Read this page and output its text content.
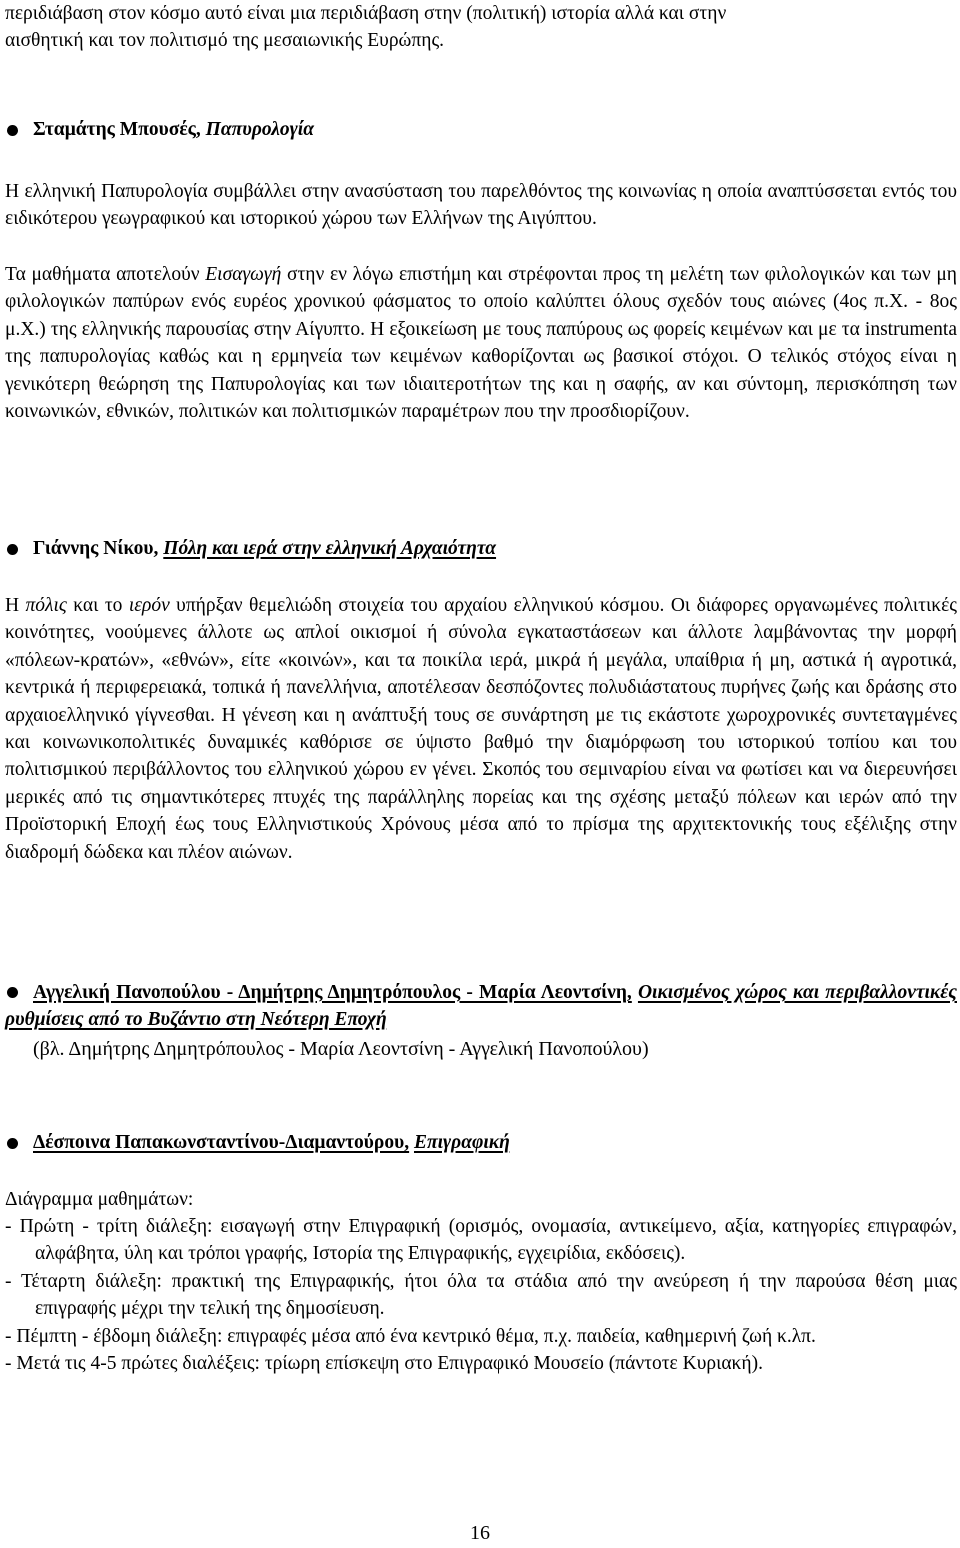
περιδιάβαση στον κόσμο αυτό είναι μια περιδιάβαση στην (πολιτική) ιστορία αλλά και στην
αισθητική και τον πολιτισμό της μεσαιωνικής Ευρώπης.

Σταμάτης Μπουσές, Παπυρολογία

Η ελληνική Παπυρολογία συμβάλλει στην ανασύσταση του παρελθόντος της κοινωνίας η οποία αναπτύσσεται εντός του ειδικότερου γεωγραφικού και ιστορικού χώρου των Ελλήνων της Αιγύπτου.

Τα μαθήματα αποτελούν Εισαγωγή στην εν λόγω επιστήμη και στρέφονται προς τη μελέτη των φιλολογικών και των μη φιλολογικών παπύρων ενός ευρέος χρονικού φάσματος το οποίο καλύπτει όλους σχεδόν τους αιώνες (4ος π.Χ. - 8ος μ.Χ.) της ελληνικής παρουσίας στην Αίγυπτο. Η εξοικείωση με τους παπύρους ως φορείς κειμένων και με τα instrumenta της παπυρολογίας καθώς και η ερμηνεία των κειμένων καθορίζονται ως βασικοί στόχοι. Ο τελικός στόχος είναι η γενικότερη θεώρηση της Παπυρολογίας και των ιδιαιτεροτήτων της και η σαφής, αν και σύντομη, περισκόπηση των κοινωνικών, εθνικών, πολιτικών και πολιτισμικών παραμέτρων που την προσδιορίζουν.

Γιάννης Νίκου, Πόλη και ιερά στην ελληνική Αρχαιότητα

Η πόλις και το ιερόν υπήρξαν θεμελιώδη στοιχεία του αρχαίου ελληνικού κόσμου. Οι διάφορες οργανωμένες πολιτικές κοινότητες, νοούμενες άλλοτε ως απλοί οικισμοί ή σύνολα εγκαταστάσεων και άλλοτε λαμβάνοντας την μορφή «πόλεων-κρατών», «εθνών», είτε «κοινών», και τα ποικίλα ιερά, μικρά ή μεγάλα, υπαίθρια ή μη, αστικά ή αγροτικά, κεντρικά ή περιφερειακά, τοπικά ή πανελλήνια, αποτέλεσαν δεσπόζοντες πολυδιάστατους πυρήνες ζωής και δράσης στο αρχαιοελληνικό γίγνεσθαι. Η γένεση και η ανάπτυξή τους σε συνάρτηση με τις εκάστοτε χωροχρονικές συντεταγμένες και κοινωνικοπολιτικές δυναμικές καθόρισε σε ύψιστο βαθμό την διαμόρφωση του ιστορικού τοπίου και του πολιτισμικού περιβάλλοντος του ελληνικού χώρου εν γένει. Σκοπός του σεμιναρίου είναι να φωτίσει και να διερευνήσει μερικές από τις σημαντικότερες πτυχές της παράλληλης πορείας και της σχέσης μεταξύ πόλεων και ιερών από την Προϊστορική Εποχή έως τους Ελληνιστικούς Χρόνους μέσα από το πρίσμα της αρχιτεκτονικής τους εξέλιξης στην διαδρομή δώδεκα και πλέον αιώνων.

Αγγελική Πανοπούλου - Δημήτρης Δημητρόπουλος - Μαρία Λεοντσίνη, Οικισμένος χώρος και περιβαλλοντικές ρυθμίσεις από το Βυζάντιο στη Νεότερη Εποχή

(βλ. Δημήτρης Δημητρόπουλος - Μαρία Λεοντσίνη - Αγγελική Πανοπούλου)

Δέσποινα Παπακωνσταντίνου-Διαμαντούρου, Επιγραφική

Διάγραμμα μαθημάτων:

- Πρώτη - τρίτη διάλεξη: εισαγωγή στην Επιγραφική (ορισμός, ονομασία, αντικείμενο, αξία, κατηγορίες επιγραφών, αλφάβητα, ύλη και τρόποι γραφής, Ιστορία της Επιγραφικής, εγχειρίδια, εκδόσεις).
- Τέταρτη διάλεξη: πρακτική της Επιγραφικής, ήτοι όλα τα στάδια από την ανεύρεση ή την παρούσα θέση μιας επιγραφής μέχρι την τελική της δημοσίευση.
- Πέμπτη - έβδομη διάλεξη: επιγραφές μέσα από ένα κεντρικό θέμα, π.χ. παιδεία, καθημερινή ζωή κ.λπ.
- Μετά τις 4-5 πρώτες διαλέξεις: τρίωρη επίσκεψη στο Επιγραφικό Μουσείο (πάντοτε Κυριακή).
16
